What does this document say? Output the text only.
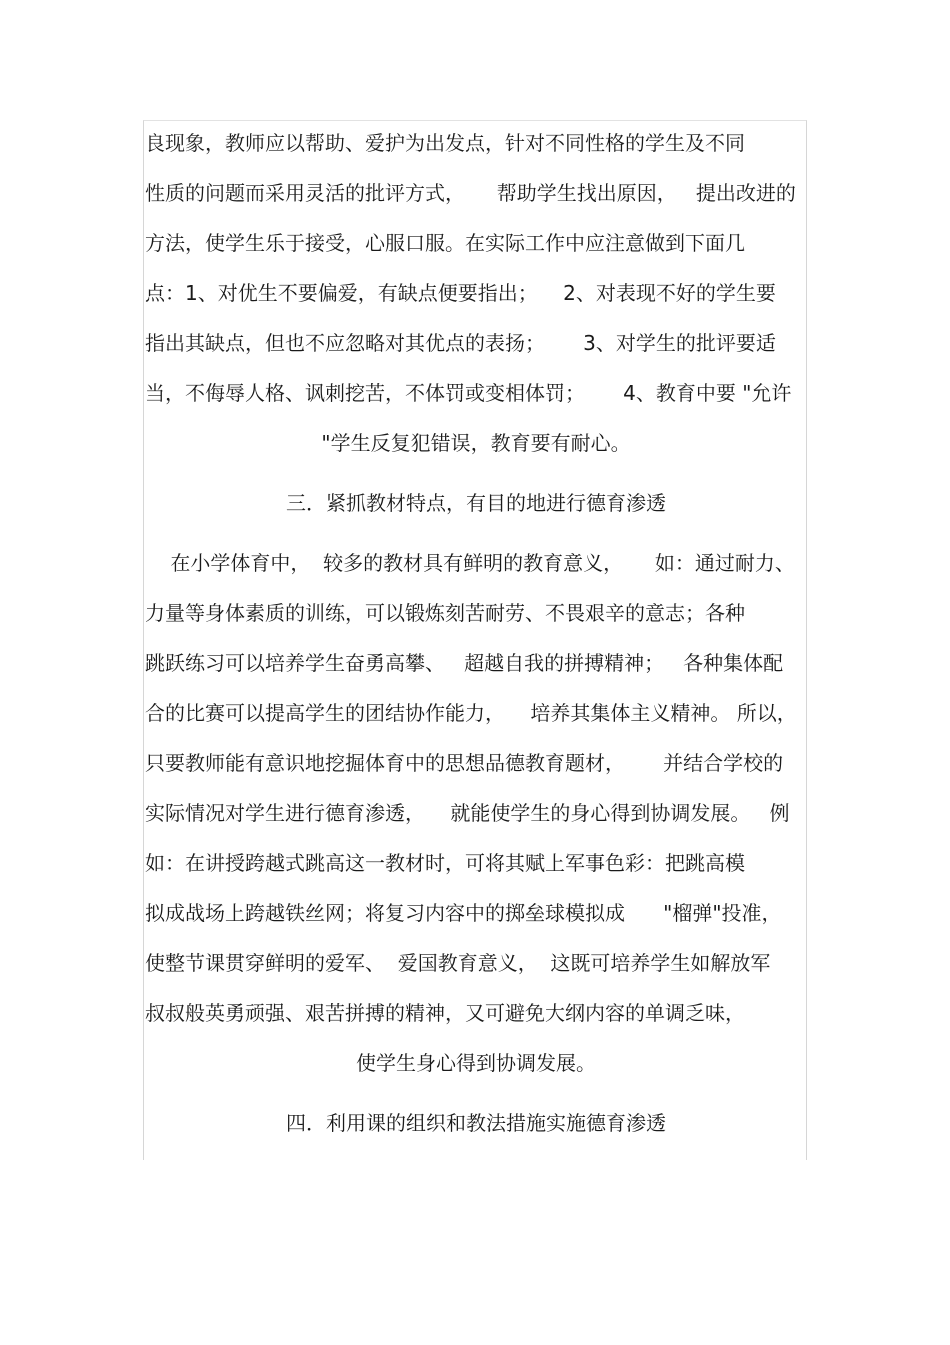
良现象，教师应以帮助、爱护为出发点，针对不同性格的学生及不同
性质的问题而采用灵活的批评方式，     帮助学生找出原因，   提出改进的
方法，使学生乐于接受，心服口服。在实际工作中应注意做到下面几
点：1、对优生不要偏爱，有缺点便要指出；    2、对表现不好的学生要
指出其缺点，但也不应忽略对其优点的表扬；      3、对学生的批评要适
当，不侮辱人格、讽刺挖苦，不体罚或变相体罚；      4、教育中要 "允许
"学生反复犯错误，教育要有耐心。
三．紧抓教材特点，有目的地进行德育渗透
在小学体育中，  较多的教材具有鲜明的教育意义，     如：通过耐力、
力量等身体素质的训练，可以锻炼刻苦耐劳、不畏艰辛的意志；各种
跳跃练习可以培养学生奋勇高攀、   超越自我的拼搏精神；   各种集体配
合的比赛可以提高学生的团结协作能力，    培养其集体主义精神。 所以，
只要教师能有意识地挖掘体育中的思想品德教育题材，      并结合学校的
实际情况对学生进行德育渗透，    就能使学生的身心得到协调发展。   例
如：在讲授跨越式跳高这一教材时，可将其赋上军事色彩：把跳高模
拟成战场上跨越铁丝网；将复习内容中的掷垒球模拟成      "榴弹"投准，
使整节课贯穿鲜明的爱军、  爱国教育意义，  这既可培养学生如解放军
叔叔般英勇顽强、艰苦拼搏的精神，又可避免大纲内容的单调乏味，
使学生身心得到协调发展。
四．利用课的组织和教法措施实施德育渗透
